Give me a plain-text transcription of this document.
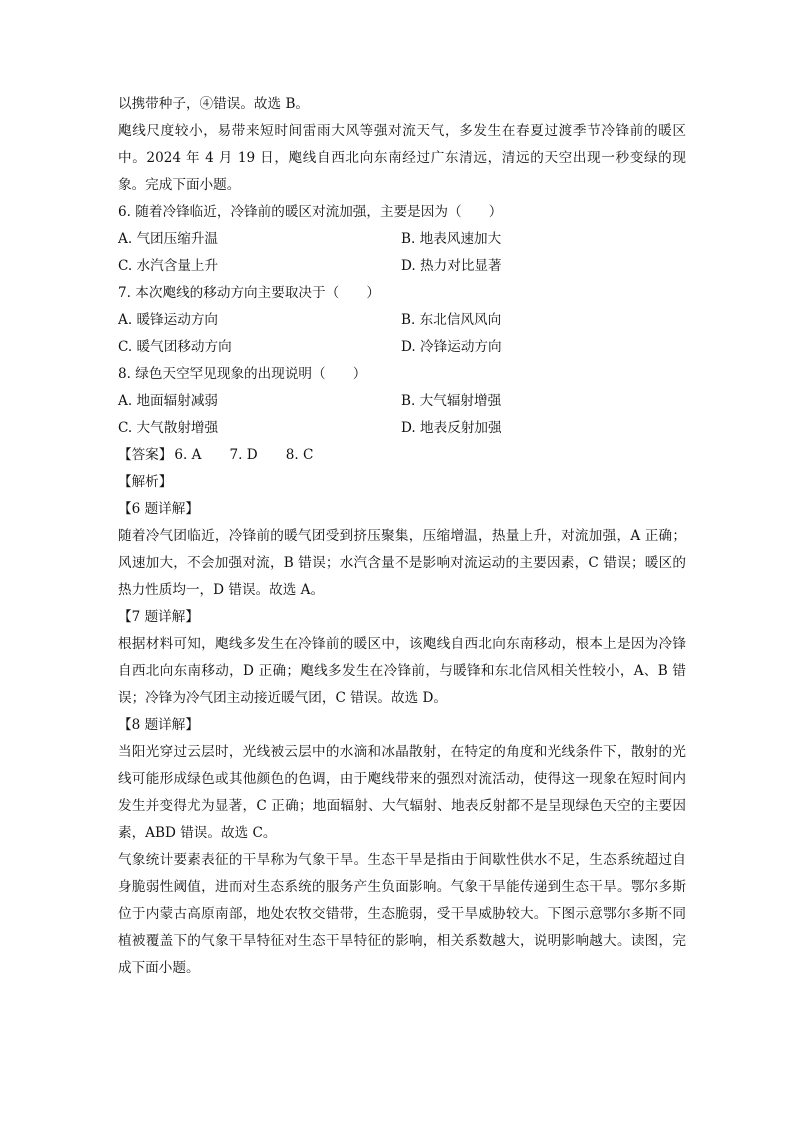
以携带种子，④错误。故选 B。
飑线尺度较小，易带来短时间雷雨大风等强对流天气，多发生在春夏过渡季节冷锋前的暖区中。2024 年 4 月 19 日，飑线自西北向东南经过广东清远，清远的天空出现一秒变绿的现象。完成下面小题。
6. 随着冷锋临近，冷锋前的暖区对流加强，主要是因为（　　）
A. 气团压缩升温	B. 地表风速加大
C. 水汽含量上升	D. 热力对比显著
7. 本次飑线的移动方向主要取决于（　　）
A. 暖锋运动方向	B. 东北信风风向
C. 暖气团移动方向	D. 冷锋运动方向
8. 绿色天空罕见现象的出现说明（　　）
A. 地面辐射减弱	B. 大气辐射增强
C. 大气散射增强	D. 地表反射加强
【答案】 6. A 7. D 8. C
【解析】
【6 题详解】
随着冷气团临近，冷锋前的暖气团受到挤压聚集，压缩增温，热量上升，对流加强，A 正确；风速加大，不会加强对流，B 错误；水汽含量不是影响对流运动的主要因素，C 错误；暖区的热力性质均一，D 错误。故选 A。
【7 题详解】
根据材料可知，飑线多发生在冷锋前的暖区中，该飑线自西北向东南移动，根本上是因为冷锋自西北向东南移动，D 正确；飑线多发生在冷锋前，与暖锋和东北信风相关性较小，A、B 错误；冷锋为冷气团主动接近暖气团，C 错误。故选 D。
【8 题详解】
当阳光穿过云层时，光线被云层中的水滴和冰晶散射，在特定的角度和光线条件下，散射的光线可能形成绿色或其他颜色的色调，由于飑线带来的强烈对流活动，使得这一现象在短时间内发生并变得尤为显著，C 正确；地面辐射、大气辐射、地表反射都不是呈现绿色天空的主要因素，ABD 错误。故选 C。
气象统计要素表征的干旱称为气象干旱。生态干旱是指由于间歇性供水不足，生态系统超过自身脆弱性阈值，进而对生态系统的服务产生负面影响。气象干旱能传递到生态干旱。鄂尔多斯位于内蒙古高原南部，地处农牧交错带，生态脆弱，受干旱威胁较大。下图示意鄂尔多斯不同植被覆盖下的气象干旱特征对生态干旱特征的影响，相关系数越大，说明影响越大。读图，完成下面小题。
